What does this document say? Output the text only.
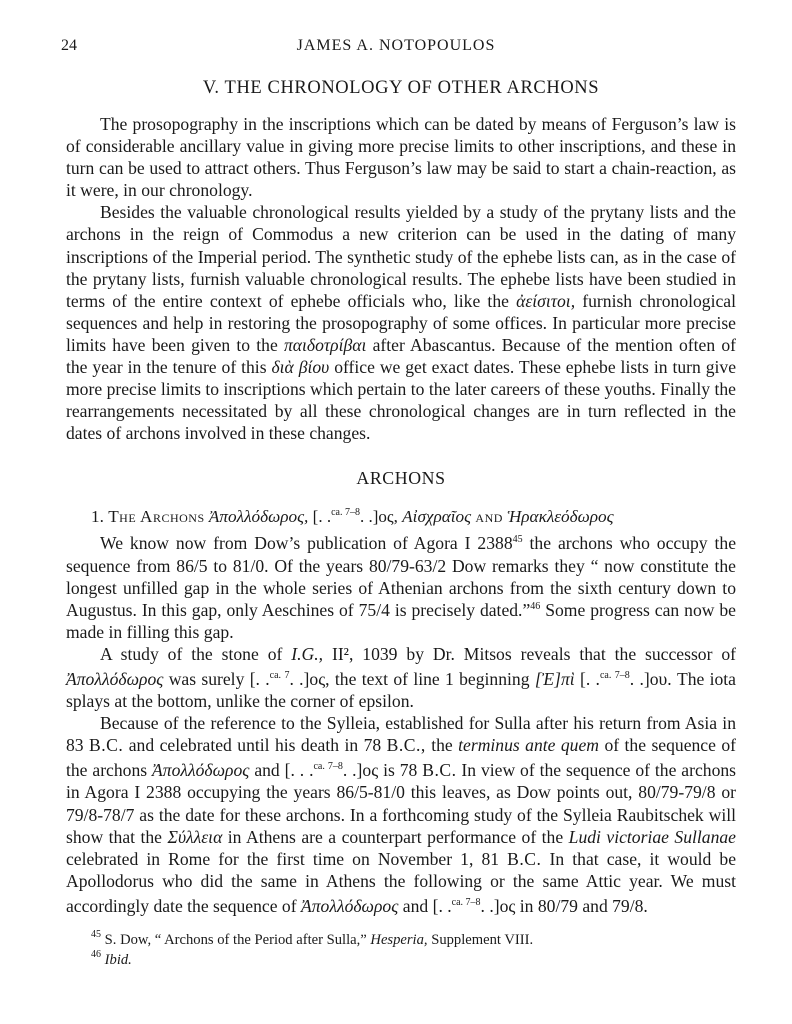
JAMES A. NOTOPOULOS
24
V. THE CHRONOLOGY OF OTHER ARCHONS

The prosopography in the inscriptions which can be dated by means of Ferguson’s law is of considerable ancillary value in giving more precise limits to other inscriptions, and these in turn can be used to attract others. Thus Ferguson’s law may be said to start a chain-reaction, as it were, in our chronology.

Besides the valuable chronological results yielded by a study of the prytany lists and the archons in the reign of Commodus a new criterion can be used in the dating of many inscriptions of the Imperial period. The synthetic study of the ephebe lists can, as in the case of the prytany lists, furnish valuable chronological results. The ephebe lists have been studied in terms of the entire context of ephebe officials who, like the ἀείσιτοι, furnish chronological sequences and help in restoring the prosopography of some offices. In particular more precise limits have been given to the παιδοτρίβαι after Abascantus. Because of the mention often of the year in the tenure of this διὰ βίου office we get exact dates. These ephebe lists in turn give more precise limits to inscriptions which pertain to the later careers of these youths. Finally the rearrangements necessitated by all these chronological changes are in turn reflected in the dates of archons involved in these changes.

ARCHONS
1. The Archons Ἀπολλόδωρος, [. .$^{ca. 7-8}$. .]ος, Αἰσχραῖος and Ἡρακλεόδωρος

We know now from Dow’s publication of Agora I 2388$^{45}$ the archons who occupy the sequence from 86/5 to 81/0. Of the years 80/79-63/2 Dow remarks they “ now constitute the longest unfilled gap in the whole series of Athenian archons from the sixth century down to Augustus. In this gap, only Aeschines of 75/4 is precisely dated.”$^{46}$ Some progress can now be made in filling this gap.

A study of the stone of I.G., II², 1039 by Dr. Mitsos reveals that the successor of Ἀπολλόδωρος was surely [. .$^{ca. 7}$. .]ος, the text of line 1 beginning [Ἐ]πὶ [. .$^{ca. 7-8}$. .]ου. The iota splays at the bottom, unlike the corner of epsilon.

Because of the reference to the Sylleia, established for Sulla after his return from Asia in 83 B.C. and celebrated until his death in 78 B.C., the terminus ante quem of the sequence of the archons Ἀπολλόδωρος and [. . .$^{ca. 7-8}$. .]ος is 78 B.C. In view of the sequence of the archons in Agora I 2388 occupying the years 86/5-81/0 this leaves, as Dow points out, 80/79-79/8 or 79/8-78/7 as the date for these archons. In a forthcoming study of the Sylleia Raubitschek will show that the Σύλλεια in Athens are a counterpart performance of the Ludi victoriae Sullanae celebrated in Rome for the first time on November 1, 81 B.C. In that case, it would be Apollodorus who did the same in Athens the following or the same Attic year. We must accordingly date the sequence of Ἀπολλόδωρος and [. .$^{ca. 7-8}$. .]ος in 80/79 and 79/8.

$^{45}$ S. Dow, “ Archons of the Period after Sulla,” Hesperia, Supplement VIII.
$^{46}$ Ibid.
